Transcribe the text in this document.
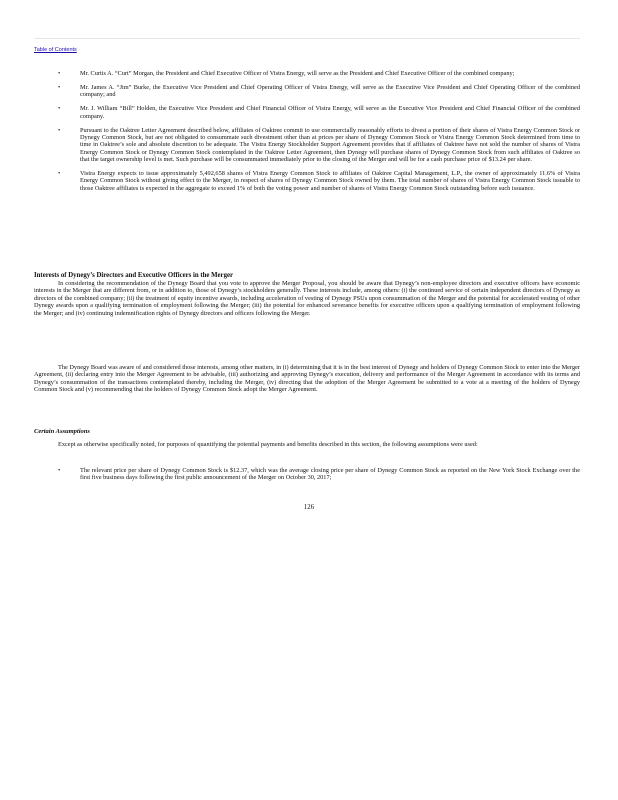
Table of Contents
•	Mr. Curtis A. “Curt” Morgan, the President and Chief Executive Officer of Vistra Energy, will serve as the President and Chief Executive Officer of the combined company;
•	Mr. James A. “Jim” Burke, the Executive Vice President and Chief Operating Officer of Vistra Energy, will serve as the Executive Vice President and Chief Operating Officer of the combined company; and
•	Mr. J. William “Bill” Holden, the Executive Vice President and Chief Financial Officer of Vistra Energy, will serve as the Executive Vice President and Chief Financial Officer of the combined company.
•	Pursuant to the Oaktree Letter Agreement described below, affiliates of Oaktree commit to use commercially reasonably efforts to divest a portion of their shares of Vistra Energy Common Stock or Dynegy Common Stock, but are not obligated to consummate such divestment other than at prices per share of Dynegy Common Stock or Vistra Energy Common Stock determined from time to time in Oaktree’s sole and absolute discretion to be adequate. The Vistra Energy Stockholder Support Agreement provides that if affiliates of Oaktree have not sold the number of shares of Vistra Energy Common Stock or Dynegy Common Stock contemplated in the Oaktree Letter Agreement, then Dynegy will purchase shares of Dynegy Common Stock from such affiliates of Oaktree so that the target ownership level is met. Such purchase will be consummated immediately prior to the closing of the Merger and will be for a cash purchase price of $13.24 per share.
•	Vistra Energy expects to issue approximately 5,492,658 shares of Vistra Energy Common Stock to affiliates of Oaktree Capital Management, L.P., the owner of approximately 11.6% of Vistra Energy Common Stock without giving effect to the Merger, in respect of shares of Dynegy Common Stock owned by them. The total number of shares of Vistra Energy Common Stock issuable to those Oaktree affiliates is expected in the aggregate to exceed 1% of both the voting power and number of shares of Vistra Energy Common Stock outstanding before such issuance.
Interests of Dynegy’s Directors and Executive Officers in the Merger

In considering the recommendation of the Dynegy Board that you vote to approve the Merger Proposal, you should be aware that Dynegy’s non-employee directors and executive officers have economic interests in the Merger that are different from, or in addition to, those of Dynegy’s stockholders generally. These interests include, among others: (i) the continued service of certain independent directors of Dynegy as directors of the combined company; (ii) the treatment of equity incentive awards, including acceleration of vesting of Dynegy PSUs upon consummation of the Merger and the potential for accelerated vesting of other Dynegy awards upon a qualifying termination of employment following the Merger; (iii) the potential for enhanced severance benefits for executive officers upon a qualifying termination of employment following the Merger; and (iv) continuing indemnification rights of Dynegy directors and officers following the Merger.

The Dynegy Board was aware of and considered those interests, among other matters, in (i) determining that it is in the best interest of Dynegy and holders of Dynegy Common Stock to enter into the Merger Agreement, (ii) declaring entry into the Merger Agreement to be advisable, (iii) authorizing and approving Dynegy’s execution, delivery and performance of the Merger Agreement in accordance with its terms and Dynegy’s consummation of the transactions contemplated thereby, including the Merger, (iv) directing that the adoption of the Merger Agreement be submitted to a vote at a meeting of the holders of Dynegy Common Stock and (v) recommending that the holders of Dynegy Common Stock adopt the Merger Agreement.

Certain Assumptions

Except as otherwise specifically noted, for purposes of quantifying the potential payments and benefits described in this section, the following assumptions were used:

•	The relevant price per share of Dynegy Common Stock is $12.37, which was the average closing price per share of Dynegy Common Stock as reported on the New York Stock Exchange over the first five business days following the first public announcement of the Merger on October 30, 2017;
126
